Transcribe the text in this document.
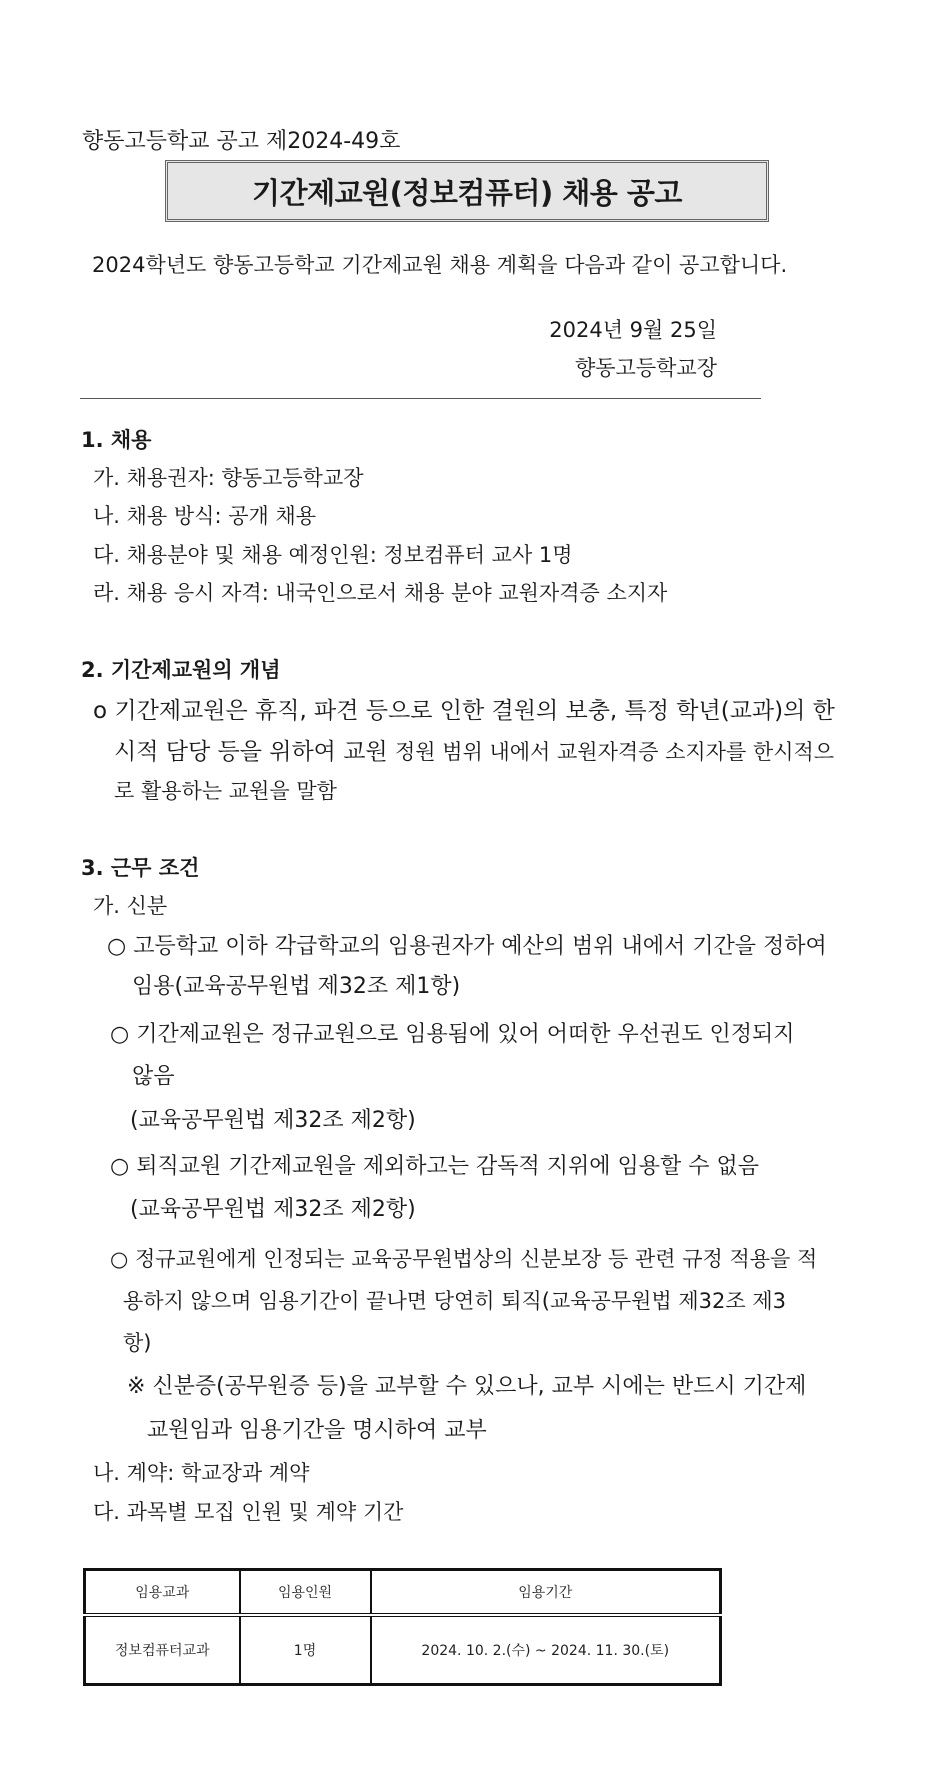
향동고등학교 공고 제2024-49호
기간제교원(정보컴퓨터) 채용 공고
2024학년도 향동고등학교 기간제교원 채용 계획을 다음과 같이 공고합니다.
2024년 9월 25일
향동고등학교장
1. 채용
가. 채용권자: 향동고등학교장
나. 채용 방식: 공개 채용
다. 채용분야 및 채용 예정인원: 정보컴퓨터 교사 1명
라. 채용 응시 자격: 내국인으로서 채용 분야 교원자격증 소지자
2. 기간제교원의 개념
o 기간제교원은 휴직, 파견 등으로 인한 결원의 보충, 특정 학년(교과)의 한
시적 담당 등을 위하여 교원 정원 범위 내에서 교원자격증 소지자를 한시적으
로 활용하는 교원을 말함
3. 근무 조건
가. 신분
○ 고등학교 이하 각급학교의 임용권자가 예산의 범위 내에서 기간을 정하여
임용(교육공무원법 제32조 제1항)
○ 기간제교원은 정규교원으로 임용됨에 있어 어떠한 우선권도 인정되지
않음
(교육공무원법 제32조 제2항)
○ 퇴직교원 기간제교원을 제외하고는 감독적 지위에 임용할 수 없음
(교육공무원법 제32조 제2항)
○ 정규교원에게 인정되는 교육공무원법상의 신분보장 등 관련 규정 적용을 적
용하지 않으며 임용기간이 끝나면 당연히 퇴직(교육공무원법 제32조 제3
항)
※ 신분증(공무원증 등)을 교부할 수 있으나, 교부 시에는 반드시 기간제
교원임과 임용기간을 명시하여 교부
나. 계약: 학교장과 계약
다. 과목별 모집 인원 및 계약 기간
임용교과	임용인원	임용기간
정보컴퓨터교과	1명	2024. 10. 2.(수) ~ 2024. 11. 30.(토)
